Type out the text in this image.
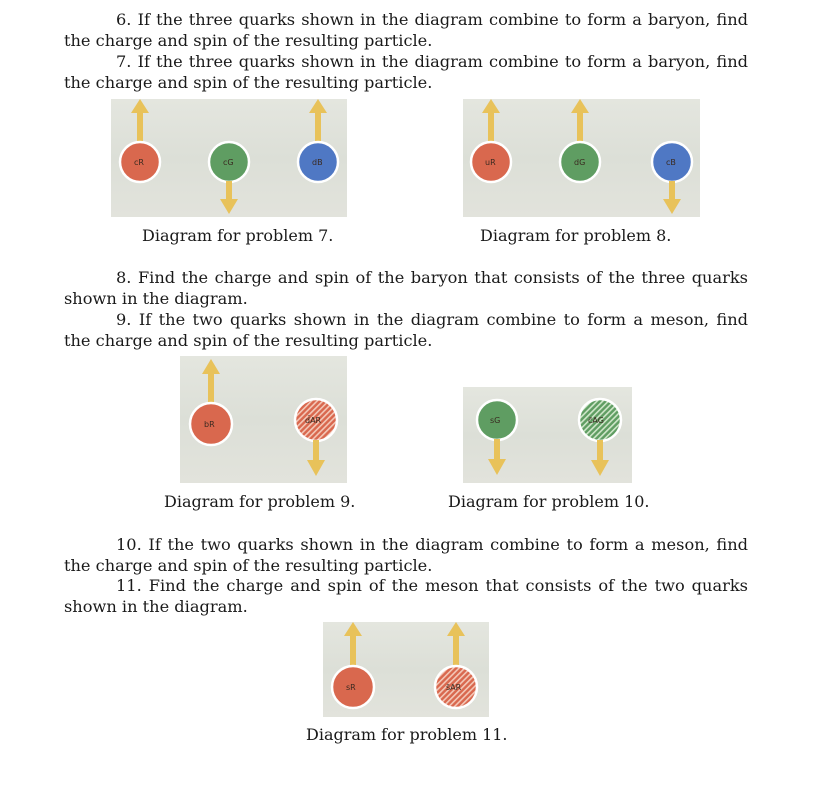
6. If the three quarks shown in the diagram combine to form a baryon, find the charge and spin of the resulting particle.
7. If the three quarks shown in the diagram combine to form a baryon, find the charge and spin of the resulting particle.
cR	cG	dB
Diagram for problem 7.
uR	dG	cB
Diagram for problem 8.
8. Find the charge and spin of the baryon that consists of the three quarks shown in the diagram.
9. If the two quarks shown in the diagram combine to form a meson, find the charge and spin of the resulting particle.
bR	d̄AR
Diagram for problem 9.
sG	c̄AG
Diagram for problem 10.
10. If the two quarks shown in the diagram combine to form a meson, find the charge and spin of the resulting particle.
11. Find the charge and spin of the meson that consists of the two quarks shown in the diagram.
sR	s̄AR
Diagram for problem 11.
